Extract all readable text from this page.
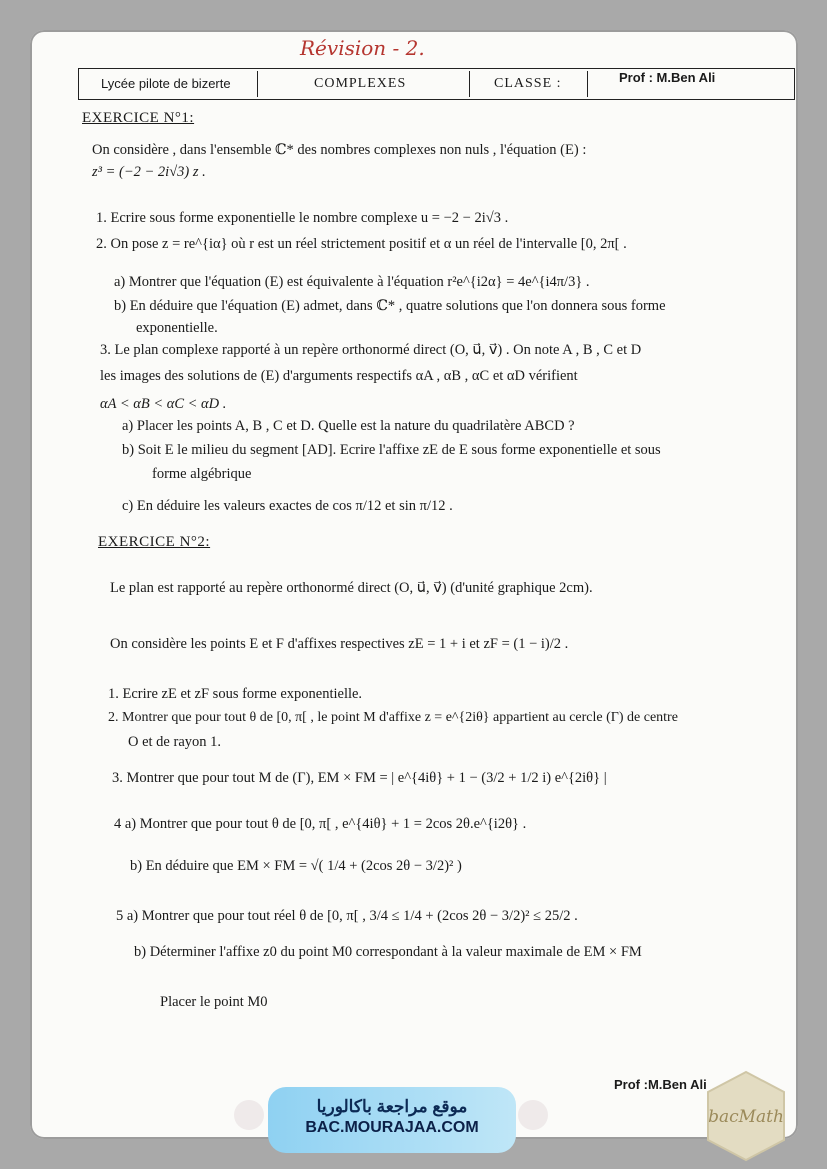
Révision - 2.
Lycée pilote de bizerte	COMPLEXES	CLASSE :	Prof : M.Ben Ali
EXERCICE N°1:
On considère , dans l'ensemble ℂ* des nombres complexes non nuls , l'équation (E) :
z³ = (−2 − 2i√3) z .
1. Ecrire sous forme exponentielle le nombre complexe u = −2 − 2i√3 .
2. On pose z = re^{iα} où r est un réel strictement positif et α un réel de l'intervalle [0, 2π[ .
a) Montrer que l'équation (E) est équivalente à l'équation r²e^{i2α} = 4e^{i4π/3} .
b) En déduire que l'équation (E) admet, dans ℂ* , quatre solutions que l'on donnera sous forme
exponentielle.
3. Le plan complexe rapporté à un repère orthonormé direct (O, u⃗, v⃗) . On note A , B , C et D
les images des solutions de (E) d'arguments respectifs αA , αB , αC et αD vérifient
αA < αB < αC < αD .
a) Placer les points A, B , C et D. Quelle est la nature du quadrilatère ABCD ?
b) Soit E le milieu du segment [AD]. Ecrire l'affixe zE de E sous forme exponentielle et sous
forme algébrique
c) En déduire les valeurs exactes de cos π/12 et sin π/12 .
EXERCICE N°2:
Le plan est rapporté au repère orthonormé direct (O, u⃗, v⃗) (d'unité graphique 2cm).
On considère les points E et F d'affixes respectives zE = 1 + i et zF = (1 − i)/2 .
1. Ecrire zE et zF sous forme exponentielle.
2. Montrer que pour tout θ de [0, π[ , le point M d'affixe z = e^{2iθ} appartient au cercle (Γ) de centre
O et de rayon 1.
3. Montrer que pour tout M de (Γ), EM × FM = | e^{4iθ} + 1 − (3/2 + 1/2 i) e^{2iθ} |
4 a) Montrer que pour tout θ de [0, π[ , e^{4iθ} + 1 = 2cos 2θ.e^{i2θ} .
b) En déduire que EM × FM = √( 1/4 + (2cos 2θ − 3/2)² )
5 a) Montrer que pour tout réel θ de [0, π[ , 3/4 ≤ 1/4 + (2cos 2θ − 3/2)² ≤ 25/2 .
b) Déterminer l'affixe z0 du point M0 correspondant à la valeur maximale de EM × FM
Placer le point M0
Prof :M.Ben Ali
موقع مراجعة باكالوريا
BAC.MOURAJAA.COM
bacMath
